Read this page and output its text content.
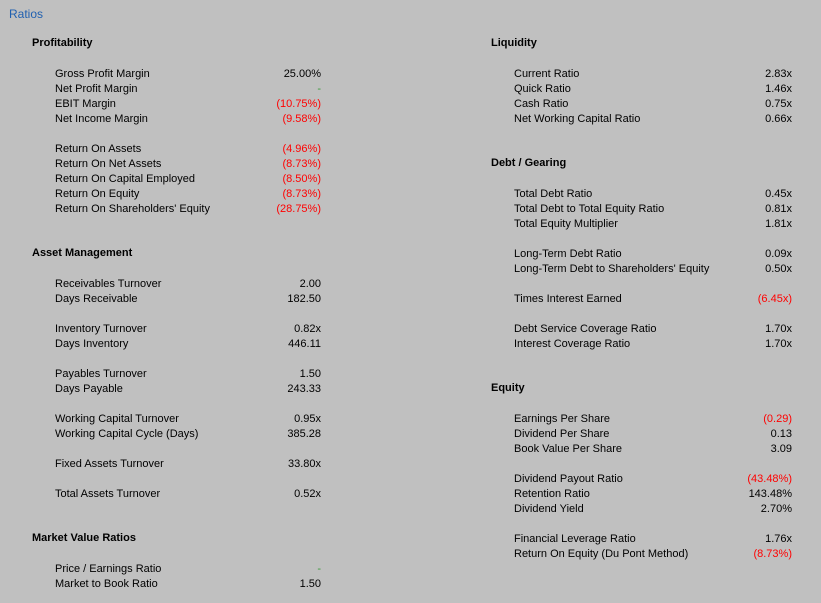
Ratios
Profitability
Gross Profit Margin	25.00%
Net Profit Margin	-
EBIT Margin	(10.75%)
Net Income Margin	(9.58%)
Return On Assets	(4.96%)
Return On Net Assets	(8.73%)
Return On Capital Employed	(8.50%)
Return On Equity	(8.73%)
Return On Shareholders' Equity	(28.75%)
Asset Management
Receivables Turnover	2.00
Days Receivable	182.50
Inventory Turnover	0.82x
Days Inventory	446.11
Payables Turnover	1.50
Days Payable	243.33
Working Capital Turnover	0.95x
Working Capital Cycle (Days)	385.28
Fixed Assets Turnover	33.80x
Total Assets Turnover	0.52x
Market Value Ratios
Price / Earnings Ratio	-
Market to Book Ratio	1.50
Liquidity
Current Ratio	2.83x
Quick Ratio	1.46x
Cash Ratio	0.75x
Net Working Capital Ratio	0.66x
Debt / Gearing
Total Debt Ratio	0.45x
Total Debt to Total Equity Ratio	0.81x
Total Equity Multiplier	1.81x
Long-Term Debt Ratio	0.09x
Long-Term Debt to Shareholders' Equity	0.50x
Times Interest Earned	(6.45x)
Debt Service Coverage Ratio	1.70x
Interest Coverage Ratio	1.70x
Equity
Earnings Per Share	(0.29)
Dividend Per Share	0.13
Book Value Per Share	3.09
Dividend Payout Ratio	(43.48%)
Retention Ratio	143.48%
Dividend Yield	2.70%
Financial Leverage Ratio	1.76x
Return On Equity (Du Pont Method)	(8.73%)
